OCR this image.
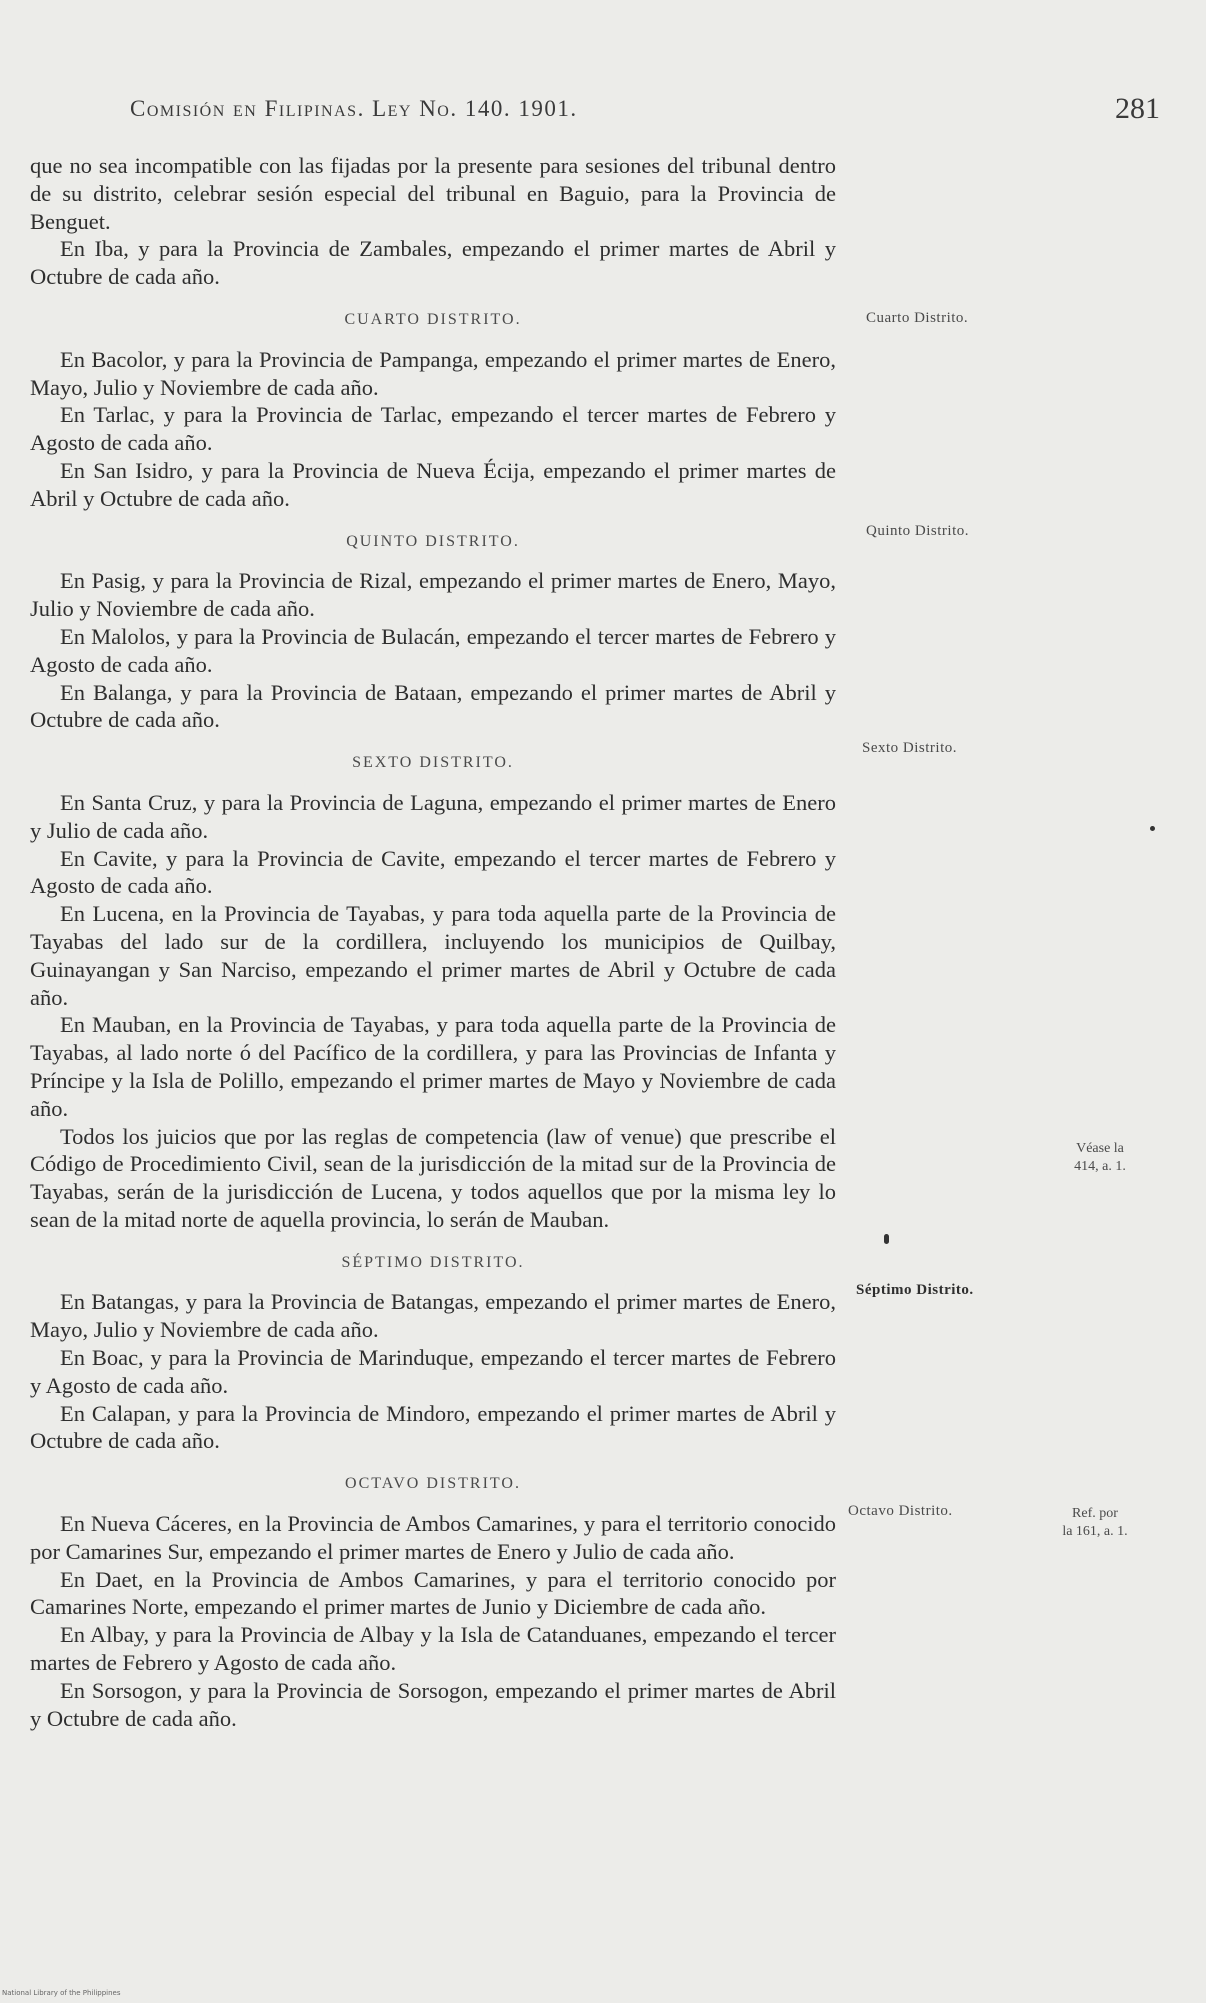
Comisión en Filipinas. Ley No. 140. 1901.	281

que no sea incompatible con las fijadas por la presente para sesiones del tribunal dentro de su distrito, celebrar sesión especial del tribunal en Baguio, para la Provincia de Benguet.

En Iba, y para la Provincia de Zambales, empezando el primer martes de Abril y Octubre de cada año.

CUARTO DISTRITO.

En Bacolor, y para la Provincia de Pampanga, empezando el primer martes de Enero, Mayo, Julio y Noviembre de cada año.

En Tarlac, y para la Provincia de Tarlac, empezando el tercer martes de Febrero y Agosto de cada año.

En San Isidro, y para la Provincia de Nueva Écija, empezando el primer martes de Abril y Octubre de cada año.

QUINTO DISTRITO.

En Pasig, y para la Provincia de Rizal, empezando el primer martes de Enero, Mayo, Julio y Noviembre de cada año.

En Malolos, y para la Provincia de Bulacán, empezando el tercer martes de Febrero y Agosto de cada año.

En Balanga, y para la Provincia de Bataan, empezando el primer martes de Abril y Octubre de cada año.

SEXTO DISTRITO.

En Santa Cruz, y para la Provincia de Laguna, empezando el primer martes de Enero y Julio de cada año.

En Cavite, y para la Provincia de Cavite, empezando el tercer martes de Febrero y Agosto de cada año.

En Lucena, en la Provincia de Tayabas, y para toda aquella parte de la Provincia de Tayabas del lado sur de la cordillera, incluyendo los municipios de Quilbay, Guinayangan y San Narciso, empezando el primer martes de Abril y Octubre de cada año.

En Mauban, en la Provincia de Tayabas, y para toda aquella parte de la Provincia de Tayabas, al lado norte ó del Pacífico de la cordillera, y para las Provincias de Infanta y Príncipe y la Isla de Polillo, empezando el primer martes de Mayo y Noviembre de cada año.

Todos los juicios que por las reglas de competencia (law of venue) que prescribe el Código de Procedimiento Civil, sean de la jurisdicción de la mitad sur de la Provincia de Tayabas, serán de la jurisdicción de Lucena, y todos aquellos que por la misma ley lo sean de la mitad norte de aquella provincia, lo serán de Mauban.

SÉPTIMO DISTRITO.

En Batangas, y para la Provincia de Batangas, empezando el primer martes de Enero, Mayo, Julio y Noviembre de cada año.

En Boac, y para la Provincia de Marinduque, empezando el tercer martes de Febrero y Agosto de cada año.

En Calapan, y para la Provincia de Mindoro, empezando el primer martes de Abril y Octubre de cada año.

OCTAVO DISTRITO.

En Nueva Cáceres, en la Provincia de Ambos Camarines, y para el territorio conocido por Camarines Sur, empezando el primer martes de Enero y Julio de cada año.

En Daet, en la Provincia de Ambos Camarines, y para el territorio conocido por Camarines Norte, empezando el primer martes de Junio y Diciembre de cada año.

En Albay, y para la Provincia de Albay y la Isla de Catanduanes, empezando el tercer martes de Febrero y Agosto de cada año.

En Sorsogon, y para la Provincia de Sorsogon, empezando el primer martes de Abril y Octubre de cada año.

Cuarto Distrito.
Quinto Distrito.
Sexto Distrito.
Séptimo Distrito.
Octavo Distrito.
Véase la
414, a. 1.
Ref. por
la 161, a. 1.
National Library of the Philippines
